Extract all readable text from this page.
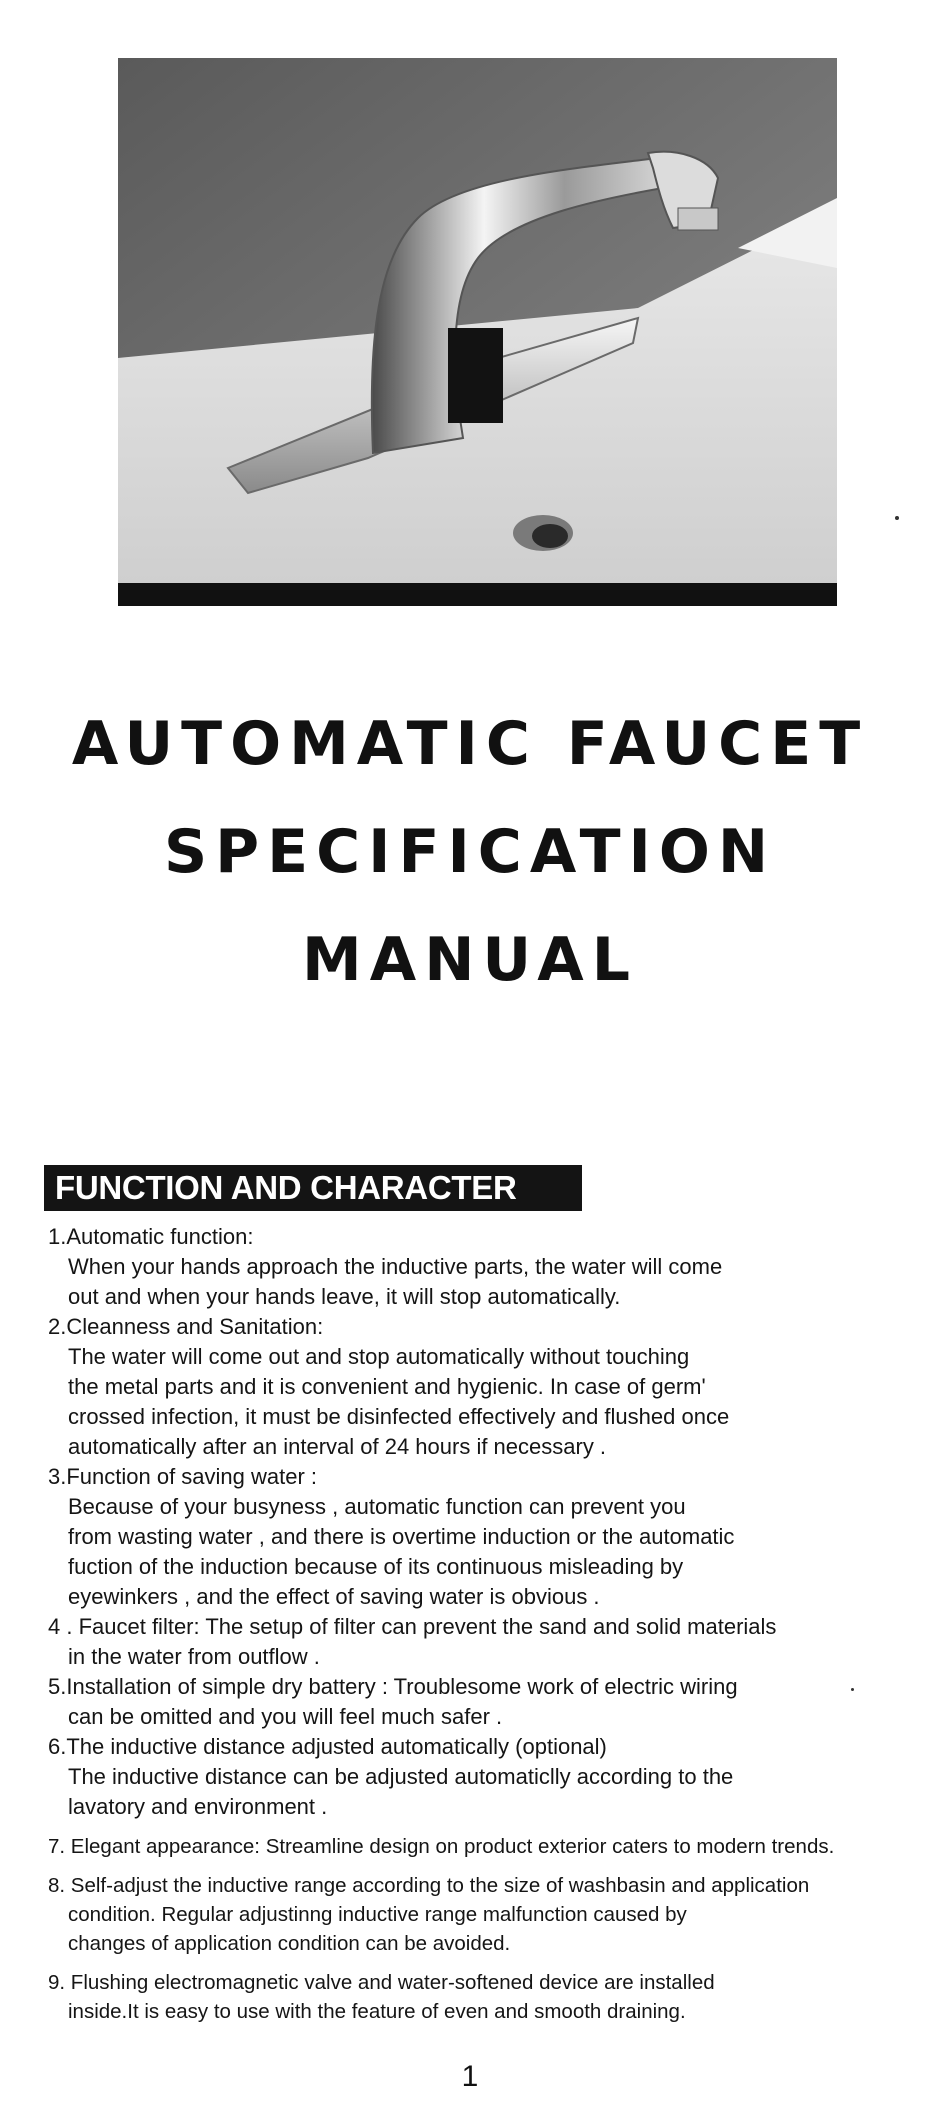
AUTOMATIC FAUCET
SPECIFICATION
MANUAL
FUNCTION AND CHARACTER
1.Automatic function:
When your hands approach the inductive parts, the water will come
out and when your hands leave, it will stop automatically.
2.Cleanness and Sanitation:
The water will come out and stop automatically without touching
the metal parts and it is convenient and hygienic. In case of germ'
crossed infection, it must be disinfected effectively and flushed once
automatically after an interval of 24 hours if necessary .
3.Function of saving water :
Because of your busyness , automatic function can prevent you
from wasting water , and there is overtime induction or the automatic
fuction of the induction because of its continuous misleading by
eyewinkers , and the effect of saving water is obvious .
4 . Faucet filter: The setup of filter can prevent the sand and solid materials
in the water from outflow .
5.Installation of simple dry battery : Troublesome work of electric wiring
can be omitted and you will feel much safer .
6.The inductive distance adjusted automatically (optional)
The inductive distance can be adjusted automaticlly according to the
lavatory and environment .
7. Elegant appearance: Streamline design on product exterior caters to modern trends.
8. Self-adjust the inductive range according to the size of washbasin and application
condition. Regular adjustinng inductive range malfunction caused by
changes of application condition can be avoided.
9. Flushing electromagnetic valve and water-softened device are installed
inside.It is easy to use with the feature of even and smooth draining.
1
